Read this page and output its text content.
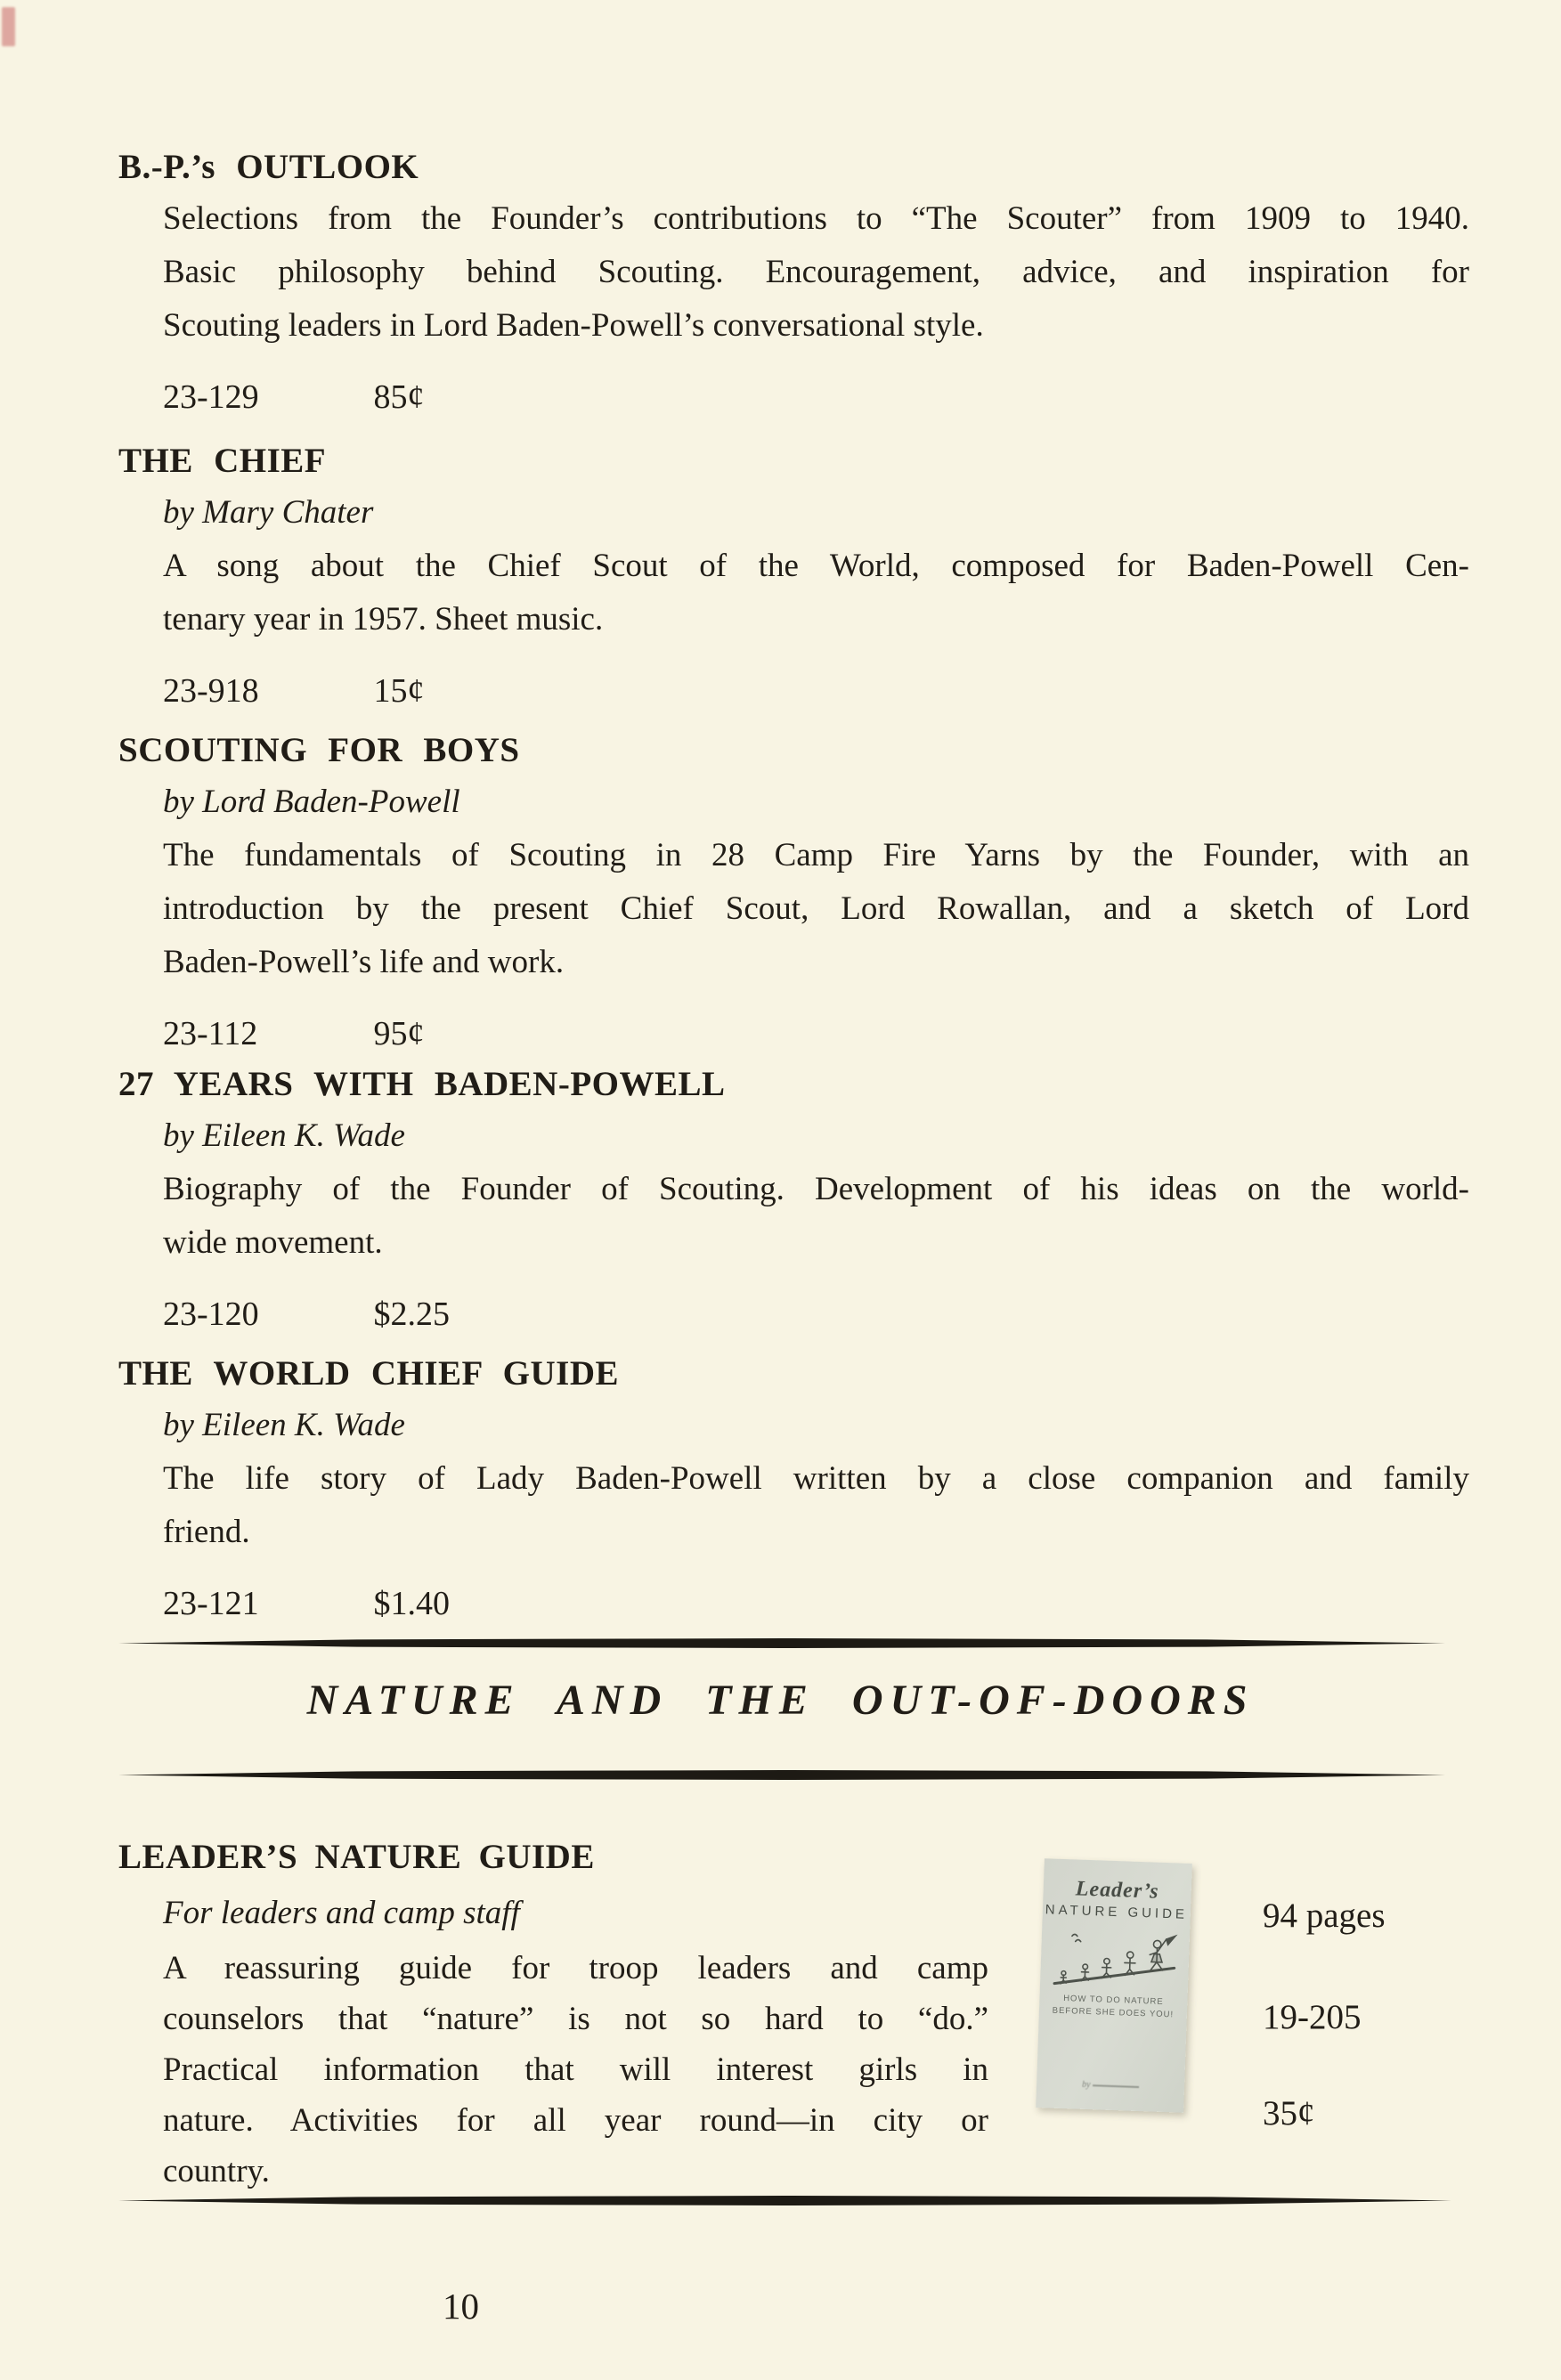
B.-P.’s OUTLOOK
Selections from the Founder’s contributions to “The Scouter” from 1909 to 1940.
Basic philosophy behind Scouting. Encouragement, advice, and inspiration for
Scouting leaders in Lord Baden-Powell’s conversational style.
23-129	85¢
THE CHIEF
by Mary Chater
A song about the Chief Scout of the World, composed for Baden-Powell Cen-
tenary year in 1957. Sheet music.
23-918	15¢
SCOUTING FOR BOYS
by Lord Baden-Powell
The fundamentals of Scouting in 28 Camp Fire Yarns by the Founder, with an
introduction by the present Chief Scout, Lord Rowallan, and a sketch of Lord
Baden-Powell’s life and work.
23-112	95¢
27 YEARS WITH BADEN-POWELL
by Eileen K. Wade
Biography of the Founder of Scouting. Development of his ideas on the world-
wide movement.
23-120	$2.25
THE WORLD CHIEF GUIDE
by Eileen K. Wade
The life story of Lady Baden-Powell written by a close companion and family
friend.
23-121	$1.40
NATURE AND THE OUT-OF-DOORS
LEADER’S NATURE GUIDE
For leaders and camp staff
A reassuring guide for troop leaders and camp
counselors that “nature” is not so hard to “do.”
Practical information that will interest girls in
nature. Activities for all year round—in city or
country.
Leader’s
NATURE GUIDE
HOW TO DO NATURE
BEFORE SHE DOES YOU!
by
94 pages
19-205
35¢
10
